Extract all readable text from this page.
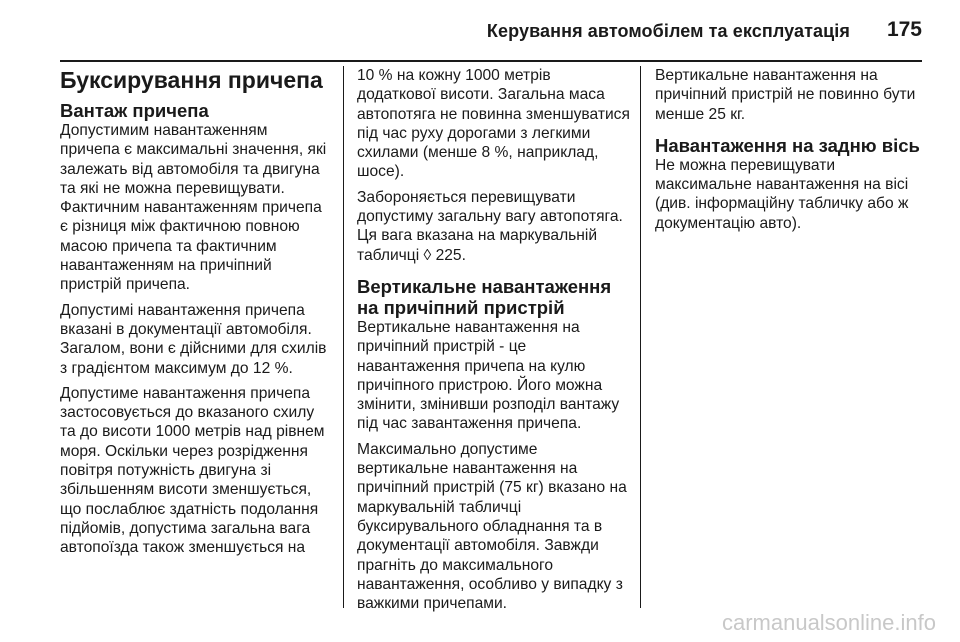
Керування автомобілем та експлуатація 175
Буксирування причепа
Вантаж причепа

Допустимим навантаженням причепа є максимальні значення, які залежать від автомобіля та двигуна та які не можна перевищувати. Фактичним навантаженням причепа є різниця між фактичною повною масою причепа та фактичним навантаженням на причіпний пристрій причепа.

Допустимі навантаження причепа вказані в документації автомобіля. Загалом, вони є дійсними для схилів з градієнтом максимум до 12 %.

Допустиме навантаження причепа застосовується до вказаного схилу та до висоти 1000 метрів над рівнем моря. Оскільки через розрідження повітря потужність двигуна зі збільшенням висоти зменшується, що послаблює здатність подолання підйомів, допустима загальна вага автопоїзда також зменшується на

10 % на кожну 1000 метрів додаткової висоти. Загальна маса автопотяга не повинна зменшуватися під час руху дорогами з легкими схилами (менше 8 %, наприклад, шосе).

Забороняється перевищувати допустиму загальну вагу автопотяга. Ця вага вказана на маркувальній табличці ◊ 225.

Вертикальне навантаження на причіпний пристрій

Вертикальне навантаження на причіпний пристрій - це навантаження причепа на кулю причіпного пристрою. Його можна змінити, змінивши розподіл вантажу під час завантаження причепа.

Максимально допустиме вертикальне навантаження на причіпний пристрій (75 кг) вказано на маркувальній табличці буксирувального обладнання та в документації автомобіля. Завжди прагніть до максимального навантаження, особливо у випадку з важкими причепами.

Вертикальне навантаження на причіпний пристрій не повинно бути менше 25 кг.

Навантаження на задню вісь

Не можна перевищувати максимальне навантаження на вісі (див. інформаційну табличку або ж документацію авто).

carmanualsonline.info
